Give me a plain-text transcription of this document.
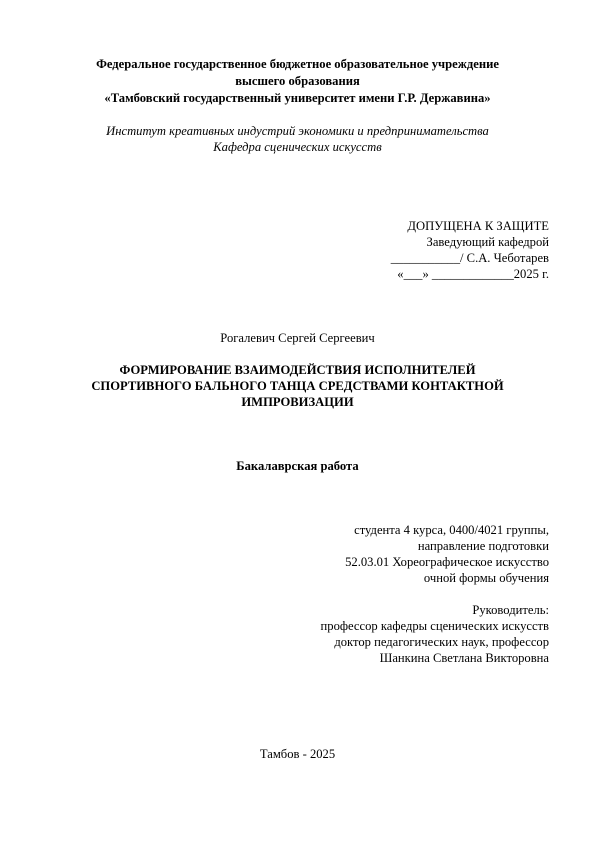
Федеральное государственное бюджетное образовательное учреждение
высшего образования
«Тамбовский государственный университет имени Г.Р. Державина»
Институт креативных индустрий экономики и предпринимательства
Кафедра сценических искусств
ДОПУЩЕНА К ЗАЩИТЕ
Заведующий кафедрой
___________/ С.А. Чеботарев
«___» _____________2025 г.
Рогалевич Сергей Сергеевич
ФОРМИРОВАНИЕ ВЗАИМОДЕЙСТВИЯ ИСПОЛНИТЕЛЕЙ
СПОРТИВНОГО БАЛЬНОГО ТАНЦА СРЕДСТВАМИ КОНТАКТНОЙ
ИМПРОВИЗАЦИИ
Бакалаврская работа
студента 4 курса, 0400/4021 группы,
направление подготовки
52.03.01 Хореографическое искусство
очной формы обучения
Руководитель:
профессор кафедры сценических искусств
доктор педагогических наук, профессор
Шанкина Светлана Викторовна
Тамбов - 2025
